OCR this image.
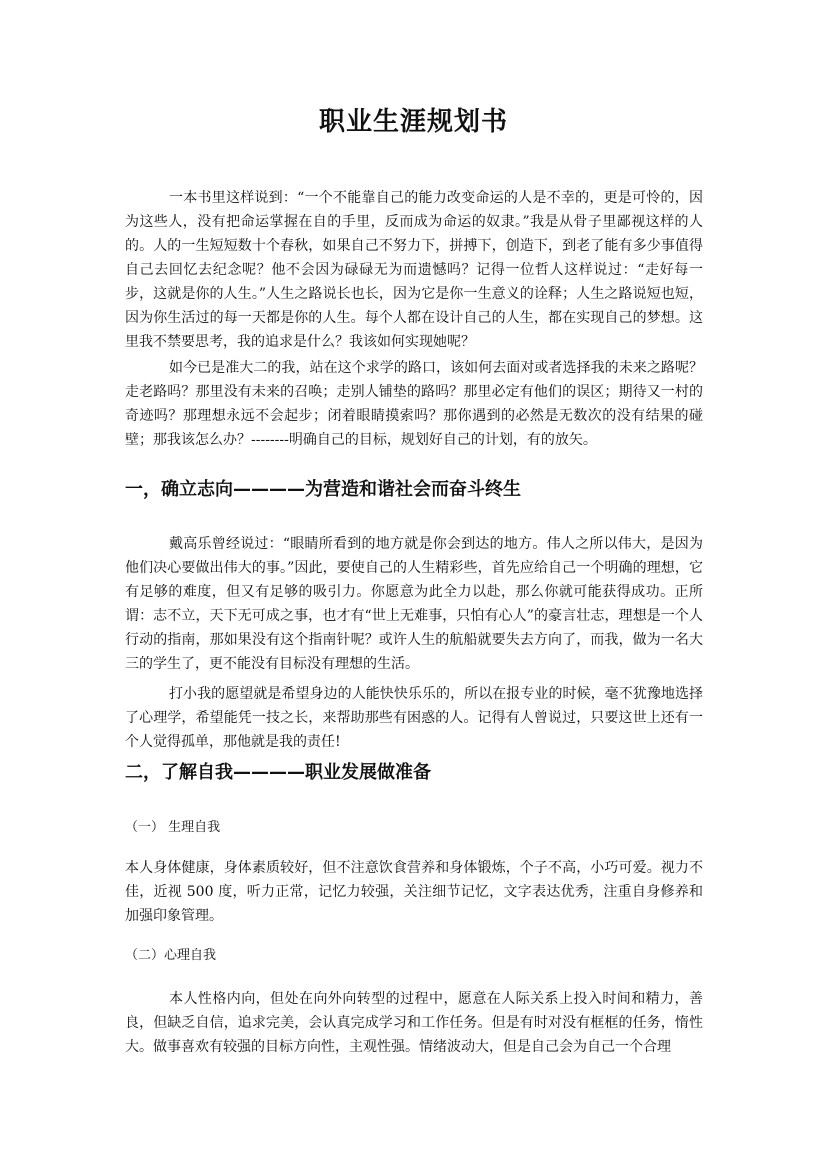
职业生涯规划书

一本书里这样说到：“一个不能靠自己的能力改变命运的人是不幸的，更是可怜的，因为这些人，没有把命运掌握在自的手里，反而成为命运的奴隶。”我是从骨子里鄙视这样的人的。人的一生短短数十个春秋，如果自己不努力下，拼搏下，创造下，到老了能有多少事值得自己去回忆去纪念呢？他不会因为碌碌无为而遗憾吗？记得一位哲人这样说过：“走好每一步，这就是你的人生。”人生之路说长也长，因为它是你一生意义的诠释；人生之路说短也短，因为你生活过的每一天都是你的人生。每个人都在设计自己的人生，都在实现自己的梦想。这里我不禁要思考，我的追求是什么？我该如何实现她呢？

如今已是准大二的我，站在这个求学的路口，该如何去面对或者选择我的未来之路呢？走老路吗？那里没有未来的召唤；走别人铺垫的路吗？那里必定有他们的误区；期待又一村的奇迹吗？那理想永远不会起步；闭着眼睛摸索吗？那你遇到的必然是无数次的没有结果的碰壁；那我该怎么办？--------明确自己的目标，规划好自己的计划，有的放矢。

一，确立志向————为营造和谐社会而奋斗终生

戴高乐曾经说过：“眼睛所看到的地方就是你会到达的地方。伟人之所以伟大，是因为他们决心要做出伟大的事。”因此，要使自己的人生精彩些，首先应给自己一个明确的理想，它有足够的难度，但又有足够的吸引力。你愿意为此全力以赴，那么你就可能获得成功。正所谓：志不立，天下无可成之事，也才有“世上无难事，只怕有心人”的豪言壮志，理想是一个人行动的指南，那如果没有这个指南针呢？或许人生的航船就要失去方向了，而我，做为一名大三的学生了，更不能没有目标没有理想的生活。

打小我的愿望就是希望身边的人能快快乐乐的，所以在报专业的时候，毫不犹豫地选择了心理学，希望能凭一技之长，来帮助那些有困惑的人。记得有人曾说过，只要这世上还有一个人觉得孤单，那他就是我的责任!

二，了解自我————职业发展做准备
（一） 生理自我

本人身体健康，身体素质较好，但不注意饮食营养和身体锻炼，个子不高，小巧可爱。视力不佳，近视 500 度，听力正常，记忆力较强，关注细节记忆，文字表达优秀，注重自身修养和加强印象管理。

（二）心理自我

本人性格内向，但处在向外向转型的过程中，愿意在人际关系上投入时间和精力，善良，但缺乏自信，追求完美，会认真完成学习和工作任务。但是有时对没有框框的任务，惰性大。做事喜欢有较强的目标方向性，主观性强。情绪波动大，但是自己会为自己一个合理
